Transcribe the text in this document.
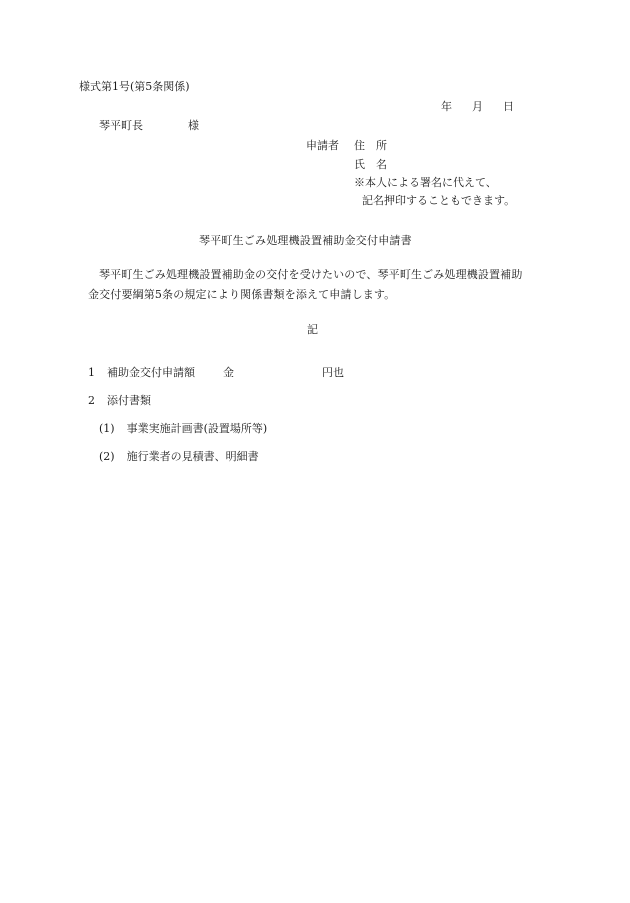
様式第1号(第5条関係)
年 月 日
琴平町長	様
申請者 住　所
氏　名
※本人による署名に代えて、
記名押印することもできます。
琴平町生ごみ処理機設置補助金交付申請書
琴平町生ごみ処理機設置補助金の交付を受けたいので、琴平町生ごみ処理機設置補助
金交付要綱第5条の規定により関係書類を添えて申請します。
記
1 補助金交付申請額	金	円也
2 添付書類
(1) 事業実施計画書(設置場所等)
(2) 施行業者の見積書、明細書
